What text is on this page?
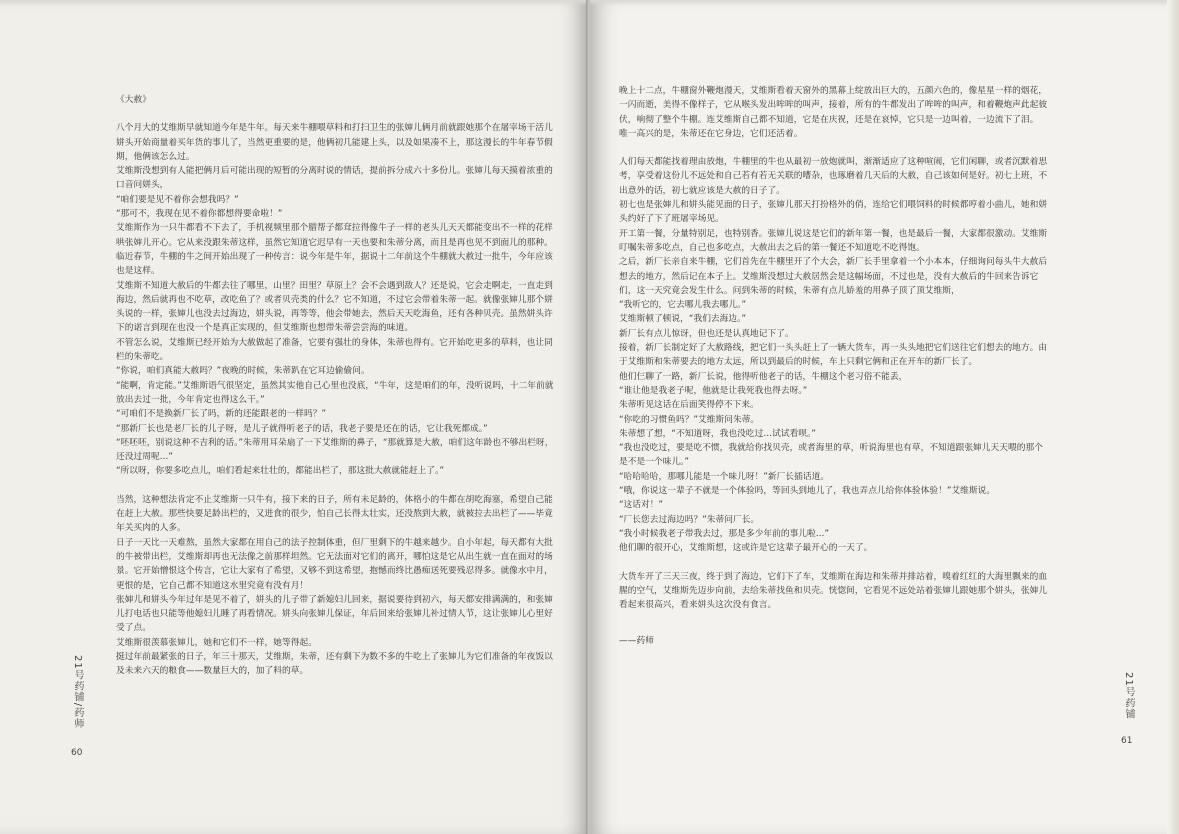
《大赦》

八个月大的艾维斯早就知道今年是牛年。每天来牛棚喂草料和打扫卫生的张婶儿俩月前就跟她那个在屠宰场干活儿姘头开始商量着买年货的事儿了，当然更重要的是，他俩初几能建上头，以及如果凑不上，那这漫长的牛年春节假期，他俩该怎么过。

艾维斯没想到有人能把俩月后可能出现的短暂的分离时说的情话，提前拆分成六十多份儿。张婶儿每天摸着浓重的口音问姘头，

“咱们要是见不着你会想我吗？”

“那可不，我现在见不着你都想得要命啦！”

艾维斯作为一只牛都看不下去了，手机视频里那个腊帮子都耷拉得像牛子一样的老头儿天天都能变出不一样的花样哄张婶儿开心。它从来没跟朱蒂这样，虽然它知道它迟早有一天也要和朱蒂分离，而且是再也见不到面儿的那种。

临近春节，牛棚的牛之间开始出现了一种传言：说今年是牛年，据说十二年前这个牛棚就大赦过一批牛，今年应该也是这样。

艾维斯不知道大赦后的牛都去往了哪里，山里？田里？草原上？会不会遇到敌人？还是说，它会走啊走，一直走到海边，然后就再也不吃草，改吃鱼了？或者贝壳类的什么？它不知道，不过它会带着朱蒂一起。就像张婶儿那个姘头说的一样，张婶儿也没去过海边，姘头说，再等等，他会带她去，然后天天吃海鱼，还有各种贝壳。虽然姘头许下的诺言到现在也没一个是真正实现的，但艾维斯也想带朱蒂尝尝海的味道。

不管怎么说，艾维斯已经开始为大赦做起了准备，它要有强壮的身体，朱蒂也得有。它开始吃更多的草料，也让同栏的朱蒂吃。

“你说，咱们真能大赦吗？”夜晚的时候，朱蒂趴在它耳边偷偷问。

“能啊，肯定能。”艾维斯语气很坚定，虽然其实他自己心里也没底，“牛年，这是咱们的年，没听说吗，十二年前就放出去过一批，今年肯定也得这么干。”

“可咱们不是换新厂长了吗，新的还能跟老的一样吗？”

“那新厂长也是老厂长的儿子呀，是儿子就得听老子的话，我老子要是还在的话，它让我死都成。”

“呸呸呸，别说这种不吉利的话。”朱蒂用耳朵扇了一下艾维斯的鼻子，“那就算是大赦，咱们这年龄也不够出栏呀，还没过周呢…”

“所以呀，你要多吃点儿，咱们看起来壮壮的，都能出栏了，那这批大赦就能赶上了。”

当然，这种想法肯定不止艾维斯一只牛有，接下来的日子，所有未足龄的，体格小的牛都在胡吃海塞，希望自己能在赶上大赦。那些快要足龄出栏的，又进食的很少，怕自己长得太壮实，还没熬到大赦，就被拉去出栏了——毕竟年关买肉的人多。

日子一天比一天难熬，虽然大家都在用自己的法子控制体重，但厂里剩下的牛越来越少。自小年起，每天都有大批的牛被带出栏，艾维斯却再也无法像之前那样坦然。它无法面对它们的离开，哪怕这是它从出生就一直在面对的场景。它开始憎恨这个传言，它让大家有了希望，又够不到这希望，抱憾而终比愚痴送死要残忍得多。就像水中月，更恨的是，它自己都不知道这水里究竟有没有月！

张婶儿和姘头今年过年是见不着了，姘头的儿子带了新媳妇儿回来，据说要待到初六，每天都安排满满的，和张婶儿打电话也只能等他媳妇儿睡了再看情况。姘头向张婶儿保证，年后回来给张婶儿补过情人节，这让张婶儿心里好受了点。

艾维斯很羡慕张婶儿，她和它们不一样，她等得起。

挺过年前最紧张的日子，年三十那天，艾维斯，朱蒂，还有剩下为数不多的牛吃上了张婶儿为它们准备的年夜饭以及未来六天的粮食——数量巨大的，加了料的草。

21号药铺/药师
60

晚上十二点，牛棚窗外鞭炮漫天，艾维斯看着天窗外的黑幕上绽放出巨大的，五颜六色的，像星星一样的烟花，一闪而逝，美得不像样子，它从喉头发出哞哞的叫声，接着，所有的牛都发出了哞哞的叫声，和着鞭炮声此起彼伏，响彻了整个牛棚。连艾维斯自己都不知道，它是在庆祝，还是在哀悼，它只是一边叫着，一边流下了泪。

唯一高兴的是，朱蒂还在它身边，它们还活着。

人们每天都能找着理由放炮，牛棚里的牛也从最初一放炮就叫，渐渐适应了这种喧闹，它们闲聊，或者沉默着思考，享受着这份儿不远处和自己若有若无关联的嘈杂，也琢磨着几天后的大赦，自己该如何是好。初七上班，不出意外的话，初七就应该是大赦的日子了。

初七也是张婶儿和姘头能见面的日子，张婶儿那天打扮格外的俏，连给它们喂饲料的时候都哼着小曲儿，她和姘头约好了下了班屠宰场见。

开工第一餐，分量特别足，也特别香。张婶儿说这是它们的新年第一餐，也是最后一餐，大家都很激动。艾维斯叮嘱朱蒂多吃点，自己也多吃点，大赦出去之后的第一餐还不知道吃不吃得饱。

之后，新厂长亲自来牛棚，它们首先在牛棚里开了个大会，新厂长手里拿着一个小本本，仔细询问每头牛大赦后想去的地方，然后记在本子上。艾维斯没想过大赦居然会是这幅场面，不过也是，没有大赦后的牛回来告诉它们，这一天究竟会发生什么。问到朱蒂的时候，朱蒂有点儿娇羞的用鼻子顶了顶艾维斯，

“我听它的，它去哪儿我去哪儿。”

艾维斯顿了顿说，“我们去海边。”

新厂长有点儿惊讶，但也还是认真地记下了。

接着，新厂长制定好了大赦路线，把它们一头头赶上了一辆大货车，再一头头地把它们送往它们想去的地方。由于艾维斯和朱蒂要去的地方太远，所以到最后的时候，车上只剩它俩和正在开车的新厂长了。

他们仨聊了一路，新厂长说，他得听他老子的话，牛棚这个老习俗不能丢，

“谁让他是我老子呢，他就是让我死我也得去呀。”

朱蒂听见这话在后面笑得停不下来。

“你吃的习惯鱼吗？”艾维斯问朱蒂。

朱蒂想了想，“不知道呀，我也没吃过…试试看呗。”

“我也没吃过，要是吃不惯，我就给你找贝壳，或者海里的草，听说海里也有草，不知道跟张婶儿天天喂的那个是不是一个味儿。”

“哈哈哈哈，那哪儿能是一个味儿呀！”新厂长插话道。

“哦，你说这一辈子不就是一个体验吗，等回头到地儿了，我也弄点儿给你体验体验！”艾维斯说。

“这话对！”

“厂长您去过海边吗？”朱蒂问厂长。

“我小时候我老子带我去过，那是多少年前的事儿啦…”

他们聊的很开心，艾维斯想，这或许是它这辈子最开心的一天了。

大货车开了三天三夜，终于到了海边，它们下了车，艾维斯在海边和朱蒂并排站着，嗅着红红的大海里飘来的血腥的空气，艾维斯先迈步向前，去给朱蒂找鱼和贝壳。恍惚间，它看见不远处站着张婶儿跟她那个姘头，张婶儿看起来很高兴，看来姘头这次没有食言。

——药师

21号药铺
61
